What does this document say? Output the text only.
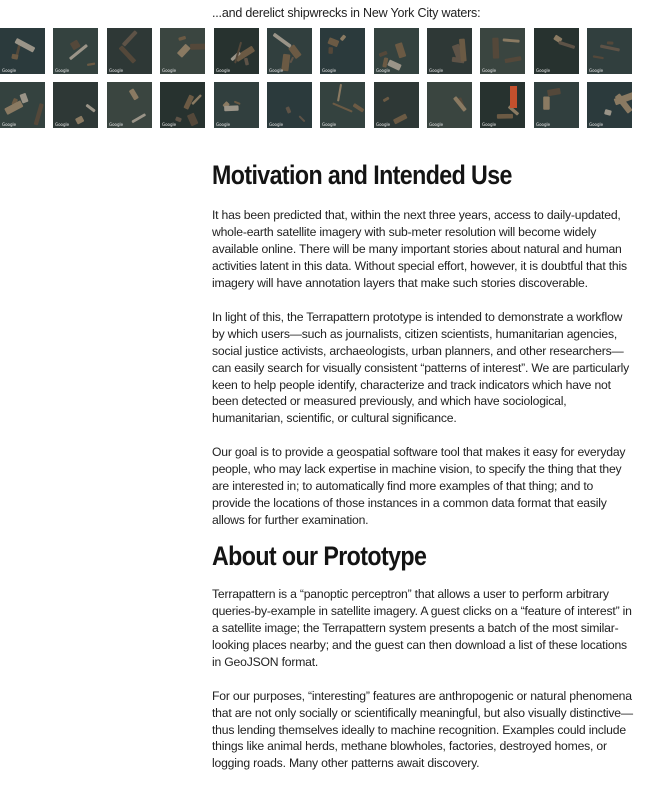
...and derelict shipwrecks in New York City waters:
Google	Google	Google	Google	Google	Google	Google	Google	Google	Google	Google	Google
Google	Google	Google	Google	Google	Google	Google	Google	Google	Google	Google	Google
Motivation and Intended Use

It has been predicted that, within the next three years, access to daily-updated, whole-earth satellite imagery with sub-meter resolution will become widely available online. There will be many important stories about natural and human activities latent in this data. Without special effort, however, it is doubtful that this imagery will have annotation layers that make such stories discoverable.

In light of this, the Terrapattern prototype is intended to demonstrate a workflow by which users—such as journalists, citizen scientists, humanitarian agencies, social justice activists, archaeologists, urban planners, and other researchers—can easily search for visually consistent “patterns of interest”. We are particularly keen to help people identify, characterize and track indicators which have not been detected or measured previously, and which have sociological, humanitarian, scientific, or cultural significance.

Our goal is to provide a geospatial software tool that makes it easy for everyday people, who may lack expertise in machine vision, to specify the thing that they are interested in; to automatically find more examples of that thing; and to provide the locations of those instances in a common data format that easily allows for further examination.

About our Prototype

Terrapattern is a “panoptic perceptron” that allows a user to perform arbitrary queries-by-example in satellite imagery. A guest clicks on a “feature of interest” in a satellite image; the Terrapattern system presents a batch of the most similar-looking places nearby; and the guest can then download a list of these locations in GeoJSON format.

For our purposes, “interesting” features are anthropogenic or natural phenomena that are not only socially or scientifically meaningful, but also visually distinctive—thus lending themselves ideally to machine recognition. Examples could include things like animal herds, methane blowholes, factories, destroyed homes, or logging roads. Many other patterns await discovery.
